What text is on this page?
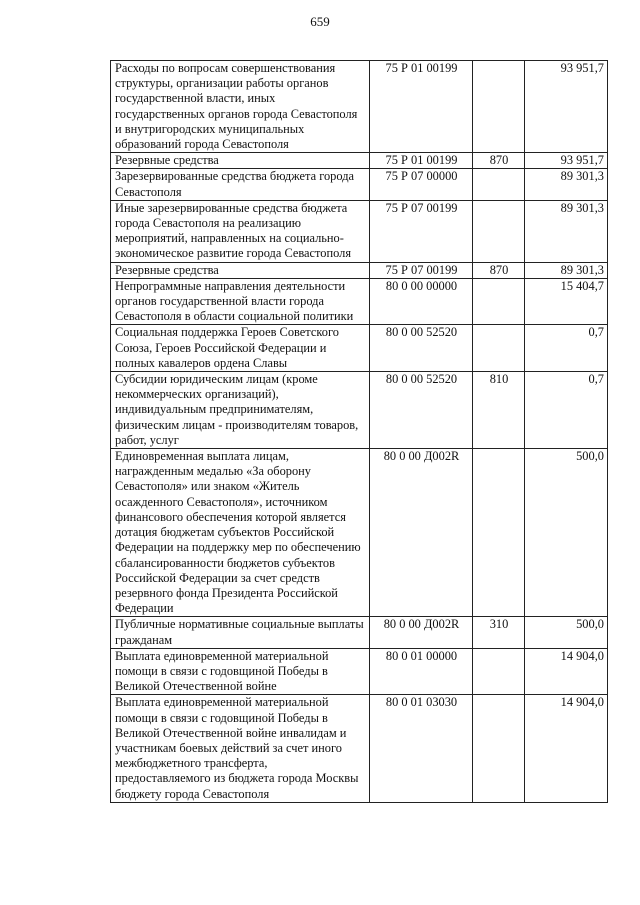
659
Расходы по вопросам совершенствования структуры, организации работы органов государственной власти, иных государственных органов города Севастополя и внутригородских муниципальных образований города Севастополя	75 Р 01 00199		93 951,7
Резервные средства	75 Р 01 00199	870	93 951,7
Зарезервированные средства бюджета города Севастополя	75 Р 07 00000		89 301,3
Иные зарезервированные средства бюджета города Севастополя на реализацию мероприятий, направленных на социально-экономическое развитие города Севастополя	75 Р 07 00199		89 301,3
Резервные средства	75 Р 07 00199	870	89 301,3
Непрограммные направления деятельности органов государственной власти города Севастополя в области социальной политики	80 0 00 00000		15 404,7
Социальная поддержка Героев Советского Союза, Героев Российской Федерации и полных кавалеров ордена Славы	80 0 00 52520		0,7
Субсидии юридическим лицам (кроме некоммерческих организаций), индивидуальным предпринимателям, физическим лицам - производителям товаров, работ, услуг	80 0 00 52520	810	0,7
Единовременная выплата лицам, награжденным медалью «За оборону Севастополя» или знаком «Житель осажденного Севастополя», источником финансового обеспечения которой является дотация бюджетам субъектов Российской Федерации на поддержку мер по обеспечению сбалансированности бюджетов субъектов Российской Федерации за счет средств резервного фонда Президента Российской Федерации	80 0 00 Д002R		500,0
Публичные нормативные социальные выплаты гражданам	80 0 00 Д002R	310	500,0
Выплата единовременной материальной помощи в связи с годовщиной Победы в Великой Отечественной войне	80 0 01 00000		14 904,0
Выплата единовременной материальной помощи в связи с годовщиной Победы в Великой Отечественной войне инвалидам и участникам боевых действий за счет иного межбюджетного трансферта, предоставляемого из бюджета города Москвы бюджету города Севастополя	80 0 01 03030		14 904,0
